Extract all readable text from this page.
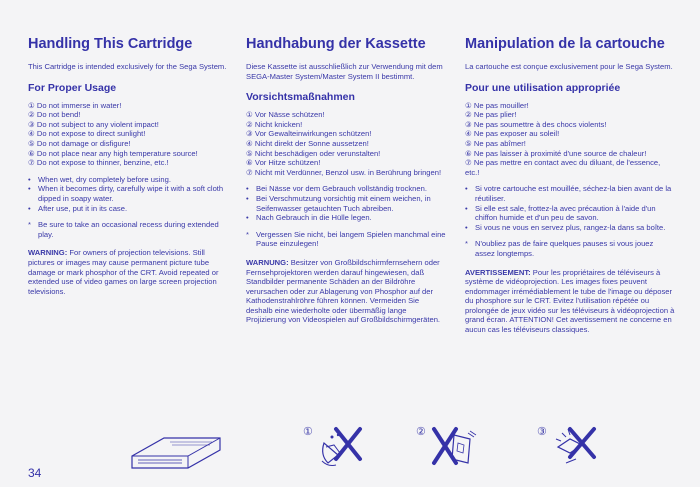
Handling This Cartridge

This Cartridge is intended exclusively for the Sega System.

For Proper Usage
① Do not immerse in water!
② Do not bend!
③ Do not subject to any violent impact!
④ Do not expose to direct sunlight!
⑤ Do not damage or disfigure!
⑥ Do not place near any high temperature source!
⑦ Do not expose to thinner, benzine, etc.!
• When wet, dry completely before using.
• When it becomes dirty, carefully wipe it with a soft cloth dipped in soapy water.
• After use, put it in its case.
* Be sure to take an occasional recess during extended play.
WARNING: For owners of projection televisions. Still pictures or images may cause permanent picture tube damage or mark phosphor of the CRT. Avoid repeated or extended use of video games on large screen projection televisions.
Handhabung der Kassette

Diese Kassette ist ausschließlich zur Verwendung mit dem SEGA-Master System/Master System II bestimmt.

Vorsichtsmaßnahmen
① Vor Nässe schützen!
② Nicht knicken!
③ Vor Gewalteinwirkungen schützen!
④ Nicht direkt der Sonne aussetzen!
⑤ Nicht beschädigen oder verunstalten!
⑥ Vor Hitze schützen!
⑦ Nicht mit Verdünner, Benzol usw. in Berührung bringen!
• Bei Nässe vor dem Gebrauch vollständig trocknen.
• Bei Verschmutzung vorsichtig mit einem weichen, in Seifenwasser getauchten Tuch abreiben.
• Nach Gebrauch in die Hülle legen.
* Vergessen Sie nicht, bei langem Spielen manchmal eine Pause einzulegen!
WARNUNG: Besitzer von Großbildschirmfernsehern oder Fernsehprojektoren werden darauf hingewiesen, daß Standbilder permanente Schäden an der Bildröhre verursachen oder zur Ablagerung von Phosphor auf der Kathodenstrahlröhre führen können. Vermeiden Sie deshalb eine wiederholte oder übermäßig lange Projizierung von Videospielen auf Großbildschirmgeräten.
Manipulation de la cartouche

La cartouche est conçue exclusivement pour le Sega System.

Pour une utilisation appropriée
① Ne pas mouiller!
② Ne pas plier!
③ Ne pas soumettre à des chocs violents!
④ Ne pas exposer au soleil!
⑤ Ne pas abîmer!
⑥ Ne pas laisser à proximité d'une source de chaleur!
⑦ Ne pas mettre en contact avec du diluant, de l'essence, etc.!
• Si votre cartouche est mouillée, séchez-la bien avant de la réutiliser.
• Si elle est sale, frottez-la avec précaution à l'aide d'un chiffon humide et d'un peu de savon.
• Si vous ne vous en servez plus, rangez-la dans sa boîte.
* N'oubliez pas de faire quelques pauses si vous jouez assez longtemps.
AVERTISSEMENT: Pour les propriétaires de téléviseurs à système de vidéoprojection. Les images fixes peuvent endommager irrémédiablement le tube de l'image ou déposer du phosphore sur le CRT. Evitez l'utilisation répétée ou prolongée de jeux vidéo sur les téléviseurs à vidéoprojection à grand écran. ATTENTION! Cet avertissement ne concerne en aucun cas les téléviseurs classiques.
34
①	②	③
